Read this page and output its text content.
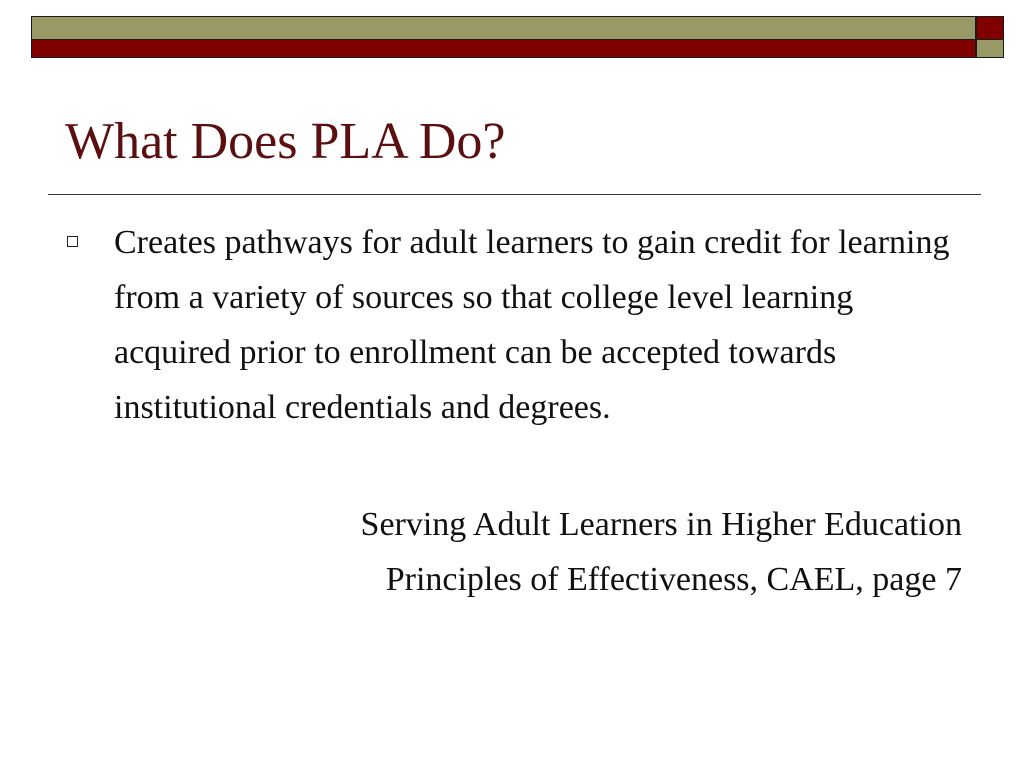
What Does PLA Do?

Creates pathways for adult learners to gain credit for learning from a variety of sources so that college level learning acquired prior to enrollment can be accepted towards institutional credentials and degrees.

Serving Adult Learners in Higher Education
Principles of Effectiveness, CAEL, page 7
